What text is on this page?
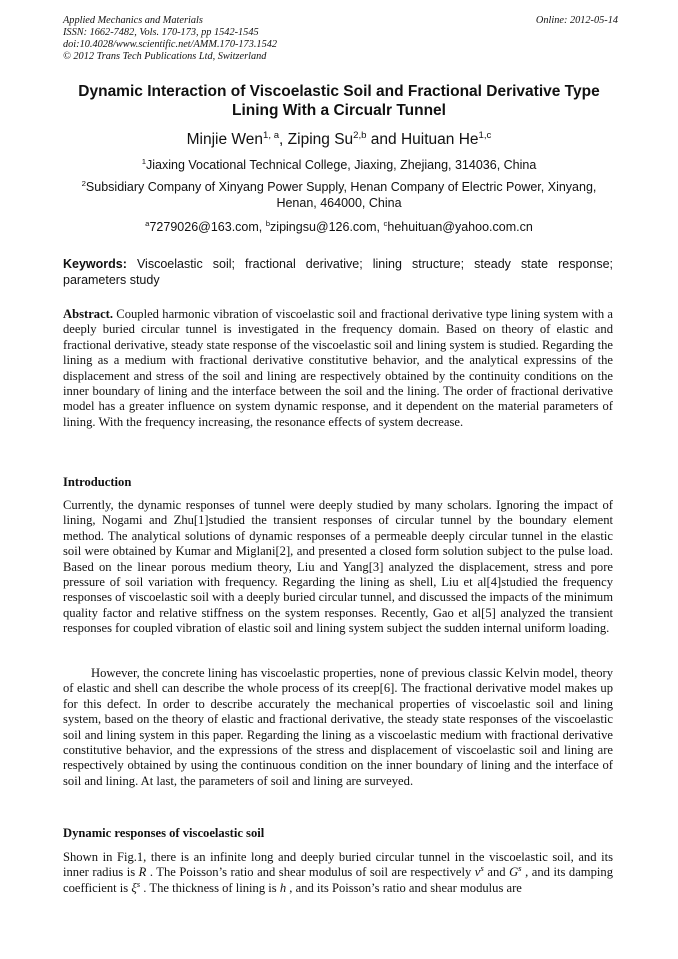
Applied Mechanics and Materials
ISSN: 1662-7482, Vols. 170-173, pp 1542-1545
doi:10.4028/www.scientific.net/AMM.170-173.1542
© 2012 Trans Tech Publications Ltd, Switzerland
Online: 2012-05-14
Dynamic Interaction of Viscoelastic Soil and Fractional Derivative Type
Lining With a Circualr Tunnel
Minjie Wen$^{1, a}$, Ziping Su$^{2,b}$ and Huituan He$^{1,c}$
$^1$Jiaxing Vocational Technical College, Jiaxing, Zhejiang, 314036, China
$^2$Subsidiary Company of Xinyang Power Supply, Henan Company of Electric Power, Xinyang,
Henan, 464000, China
$^a$7279026@163.com, $^b$zipingsu@126.com, $^c$hehuituan@yahoo.com.cn
Keywords: Viscoelastic soil; fractional derivative; lining structure; steady state response; parameters study
Abstract. Coupled harmonic vibration of viscoelastic soil and fractional derivative type lining system with a deeply buried circular tunnel is investigated in the frequency domain. Based on theory of elastic and fractional derivative, steady state response of the viscoelastic soil and lining system is studied. Regarding the lining as a medium with fractional derivative constitutive behavior, and the analytical expressins of the displacement and stress of the soil and lining are respectively obtained by the continuity conditions on the inner boundary of lining and the interface between the soil and the lining. The order of fractional derivative model has a greater influence on system dynamic response, and it dependent on the material parameters of lining. With the frequency increasing, the resonance effects of system decrease.
Introduction
Currently, the dynamic responses of tunnel were deeply studied by many scholars. Ignoring the impact of lining, Nogami and Zhu[1]studied the transient responses of circular tunnel by the boundary element method. The analytical solutions of dynamic responses of a permeable deeply circular tunnel in the elastic soil were obtained by Kumar and Miglani[2], and presented a closed form solution subject to the pulse load. Based on the linear porous medium theory, Liu and Yang[3] analyzed the displacement, stress and pore pressure of soil variation with frequency. Regarding the lining as shell, Liu et al[4]studied the frequency responses of viscoelastic soil with a deeply buried circular tunnel, and discussed the impacts of the minimum quality factor and relative stiffness on the system responses. Recently, Gao et al[5] analyzed the transient responses for coupled vibration of elastic soil and lining system subject the sudden internal uniform loading.
However, the concrete lining has viscoelastic properties, none of previous classic Kelvin model, theory of elastic and shell can describe the whole process of its creep[6]. The fractional derivative model makes up for this defect. In order to describe accurately the mechanical properties of viscoelastic soil and lining system, based on the theory of elastic and fractional derivative, the steady state responses of the viscoelastic soil and lining system in this paper. Regarding the lining as a viscoelastic medium with fractional derivative constitutive behavior, and the expressions of the stress and displacement of viscoelastic soil and lining are respectively obtained by using the continuous condition on the inner boundary of lining and the interface of soil and lining. At last, the parameters of soil and lining are surveyed.
Dynamic responses of viscoelastic soil
Shown in Fig.1, there is an infinite long and deeply buried circular tunnel in the viscoelastic soil, and its inner radius is R . The Poisson’s ratio and shear modulus of soil are respectively $v^s$ and $G^s$ , and its damping coefficient is $\xi^s$ . The thickness of lining is h , and its Poisson’s ratio and shear modulus are
